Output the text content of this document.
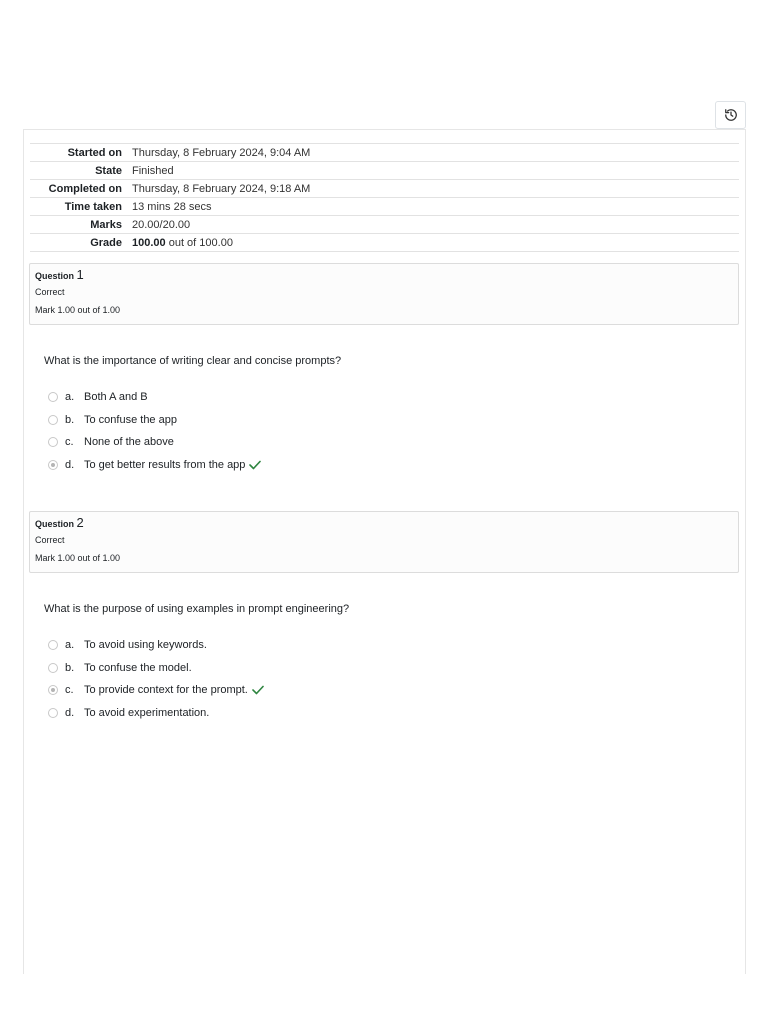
Started on	Thursday, 8 February 2024, 9:04 AM
State	Finished
Completed on	Thursday, 8 February 2024, 9:18 AM
Time taken	13 mins 28 secs
Marks	20.00/20.00
Grade	100.00 out of 100.00
Question 1
Correct
Mark 1.00 out of 1.00
What is the importance of writing clear and concise prompts?
a. Both A and B
b. To confuse the app
c. None of the above
d. To get better results from the app
Question 2
Correct
Mark 1.00 out of 1.00
What is the purpose of using examples in prompt engineering?
a. To avoid using keywords.
b. To confuse the model.
c. To provide context for the prompt.
d. To avoid experimentation.
